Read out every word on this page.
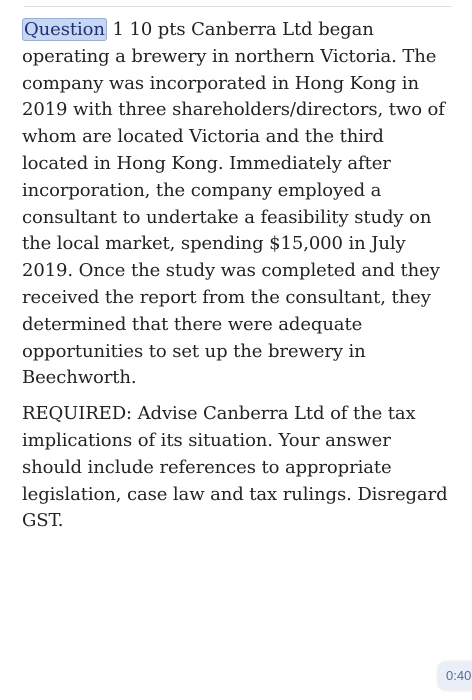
Question 1 10 pts Canberra Ltd began operating a brewery in northern Victoria. The company was incorporated in Hong Kong in 2019 with three shareholders/directors, two of whom are located Victoria and the third located in Hong Kong. Immediately after incorporation, the company employed a consultant to undertake a feasibility study on the local market, spending $15,000 in July 2019. Once the study was completed and they received the report from the consultant, they determined that there were adequate opportunities to set up the brewery in Beechworth.

REQUIRED: Advise Canberra Ltd of the tax implications of its situation. Your answer should include references to appropriate legislation, case law and tax rulings. Disregard GST.

0:40
